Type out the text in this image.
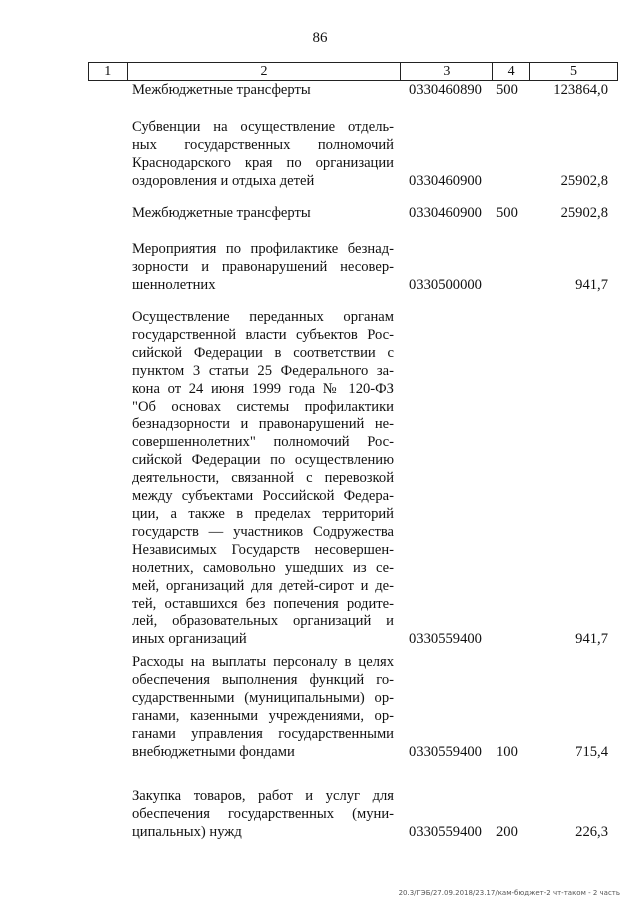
86
1	2	3	4	5
Межбюджетные трансферты	0330460890 500 123864,0
Субвенции на осуществление отдель-
ных государственных полномочий
Краснодарского края по организации
оздоровления и отдыха детей	0330460900	25902,8
Межбюджетные трансферты	0330460900 500	25902,8
Мероприятия по профилактике безнад-
зорности и правонарушений несовер-
шеннолетних	0330500000	941,7
Осуществление переданных органам
государственной власти субъектов Рос-
сийской Федерации в соответствии с
пунктом 3 статьи 25 Федерального за-
кона от 24 июня 1999 года № 120-ФЗ
"Об основах системы профилактики
безнадзорности и правонарушений не-
совершеннолетних" полномочий Рос-
сийской Федерации по осуществлению
деятельности, связанной с перевозкой
между субъектами Российской Федера-
ции, а также в пределах территорий
государств — участников Содружества
Независимых Государств несовершен-
нолетних, самовольно ушедших из се-
мей, организаций для детей-сирот и де-
тей, оставшихся без попечения родите-
лей, образовательных организаций и
иных организаций	0330559400	941,7
Расходы на выплаты персоналу в целях
обеспечения выполнения функций го-
сударственными (муниципальными) ор-
ганами, казенными учреждениями, ор-
ганами управления государственными
внебюджетными фондами	0330559400 100	715,4
Закупка товаров, работ и услуг для
обеспечения государственных (муни-
ципальных) нужд	0330559400 200	226,3
20.3/ГЭБ/27.09.2018/23.17/кам-бюджет-2 чт-таком - 2 часть
